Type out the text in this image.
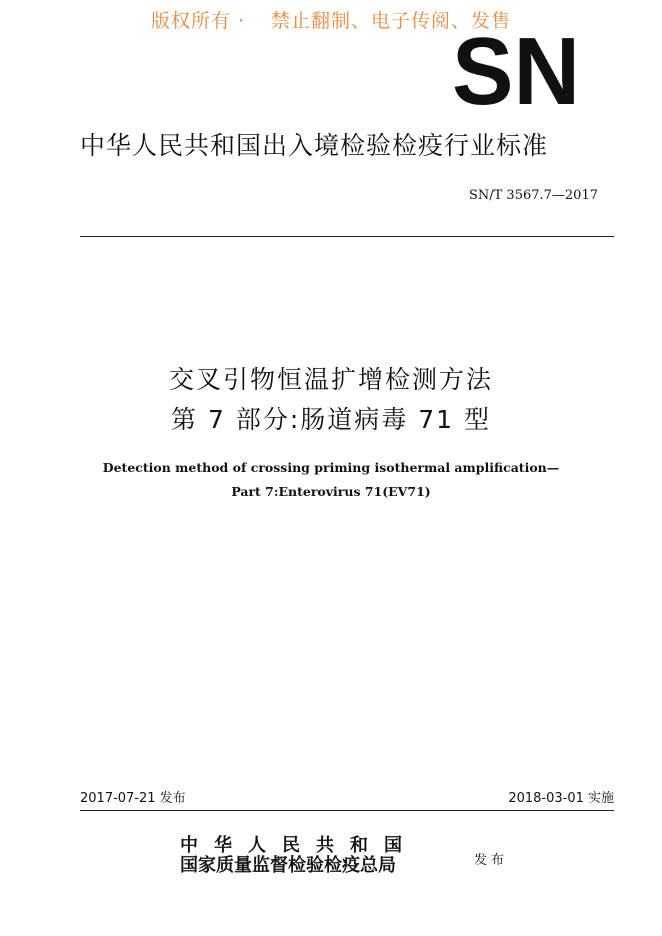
版权所有 · 禁止翻制、电子传阅、发售
SN
中华人民共和国出入境检验检疫行业标准
SN/T 3567.7—2017
交叉引物恒温扩增检测方法
第 7 部分:肠道病毒 71 型
Detection method of crossing priming isothermal amplification—
Part 7:Enterovirus 71(EV71)
2017-07-21 发布	2018-03-01 实施
中华人民共和国
国家质量监督检验检疫总局	发布
